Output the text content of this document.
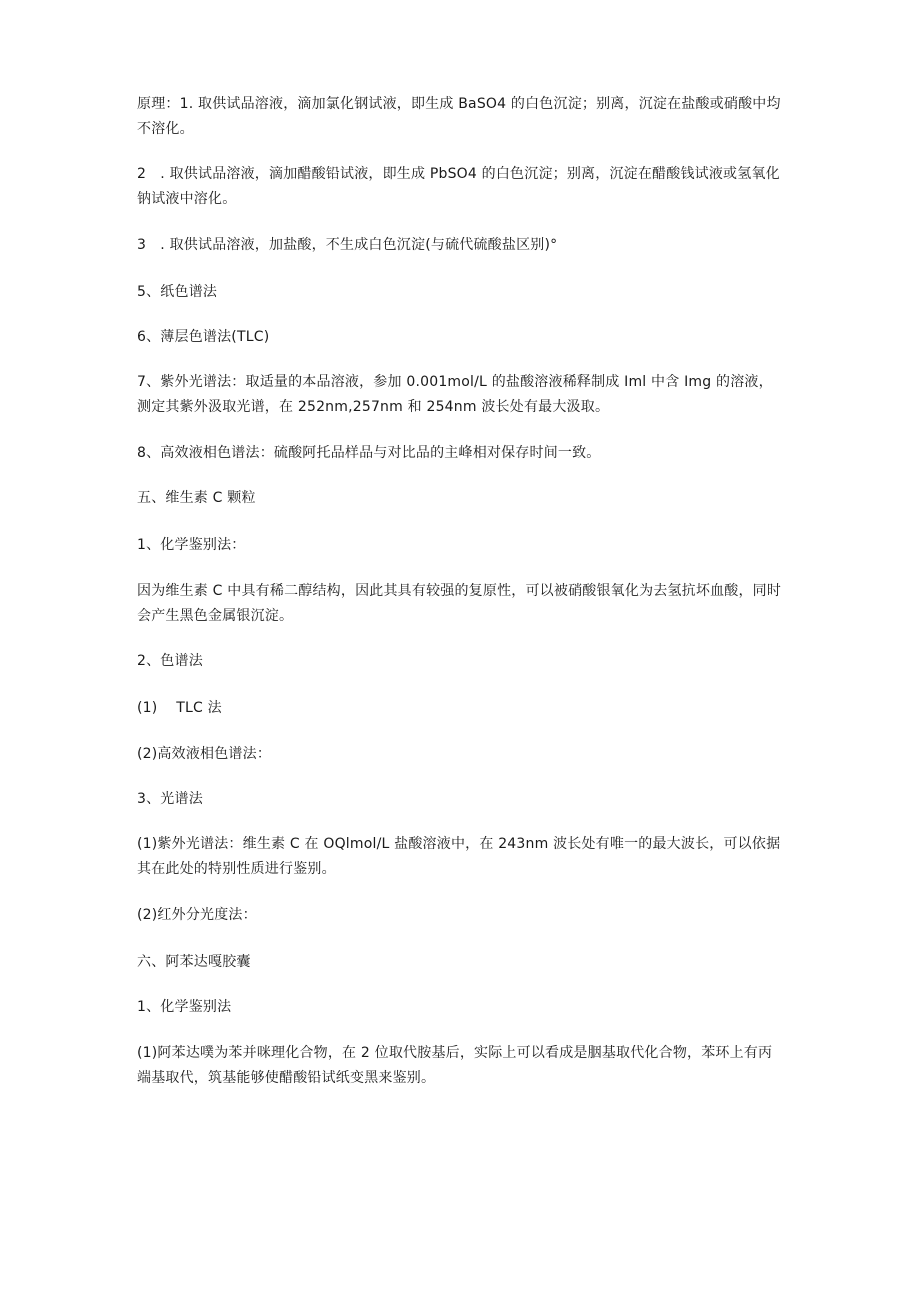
原理：1. 取供试品溶液，滴加氯化钢试液，即生成 BaSO4 的白色沉淀；别离，沉淀在盐酸或硝酸中均不溶化。

2　. 取供试品溶液，滴加醋酸铅试液，即生成 PbSO4 的白色沉淀；别离，沉淀在醋酸钱试液或氢氧化钠试液中溶化。

3　. 取供试品溶液，加盐酸，不生成白色沉淀(与硫代硫酸盐区别)°

5、纸色谱法

6、薄层色谱法(TLC)

7、紫外光谱法：取适量的本品溶液，参加 0.001mol∕L 的盐酸溶液稀释制成 Iml 中含 Img 的溶液，测定其紫外汲取光谱，在 252nm,257nm 和 254nm 波长处有最大汲取。

8、高效液相色谱法：硫酸阿托品样品与对比品的主峰相对保存时间一致。

五、维生素 C 颗粒

1、化学鉴别法：

因为维生素 C 中具有稀二醇结构，因此其具有较强的复原性，可以被硝酸银氧化为去氢抗坏血酸，同时会产生黑色金属银沉淀。

2、色谱法

(1)　 TLC 法

(2)高效液相色谱法：

3、光谱法

(1)紫外光谱法：维生素 C 在 OQlmol/L 盐酸溶液中，在 243nm 波长处有唯一的最大波长，可以依据其在此处的特别性质进行鉴别。

(2)红外分光度法：

六、阿苯达嘎胶囊

1、化学鉴别法

(1)阿苯达噗为苯并咪理化合物，在 2 位取代胺基后，实际上可以看成是胭基取代化合物，苯环上有丙端基取代，筑基能够使醋酸铅试纸变黑来鉴别。
